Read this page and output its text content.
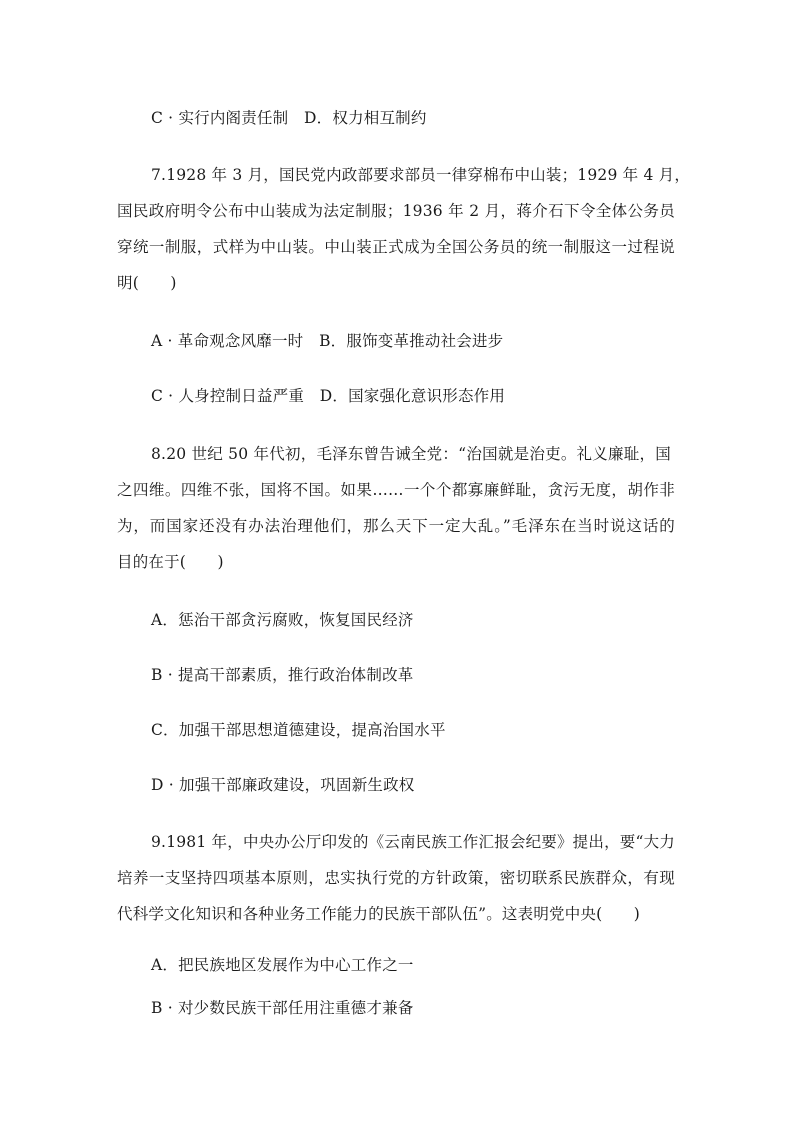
C · 实行内阁责任制　D．权力相互制约
7.1928 年 3 月，国民党内政部要求部员一律穿棉布中山装；1929 年 4 月，
国民政府明令公布中山装成为法定制服；1936 年 2 月，蒋介石下令全体公务员
穿统一制服，式样为中山装。中山装正式成为全国公务员的统一制服这一过程说
明(　　)
A · 革命观念风靡一时　B．服饰变革推动社会进步
C · 人身控制日益严重　D．国家强化意识形态作用
8.20 世纪 50 年代初，毛泽东曾告诫全党：“治国就是治吏。礼义廉耻，国
之四维。四维不张，国将不国。如果……一个个都寡廉鲜耻，贪污无度，胡作非
为，而国家还没有办法治理他们，那么天下一定大乱。”毛泽东在当时说这话的
目的在于(　　)
A．惩治干部贪污腐败，恢复国民经济
B · 提高干部素质，推行政治体制改革
C．加强干部思想道德建设，提高治国水平
D · 加强干部廉政建设，巩固新生政权
9.1981 年，中央办公厅印发的《云南民族工作汇报会纪要》提出，要“大力
培养一支坚持四项基本原则，忠实执行党的方针政策，密切联系民族群众，有现
代科学文化知识和各种业务工作能力的民族干部队伍”。这表明党中央(　　)
A．把民族地区发展作为中心工作之一
B · 对少数民族干部任用注重德才兼备
